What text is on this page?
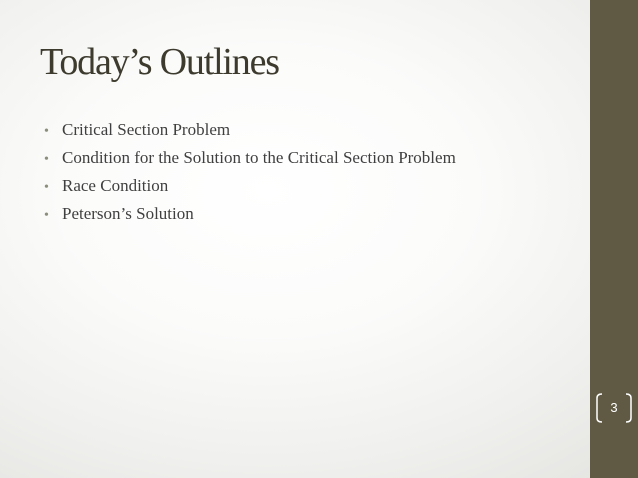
Today’s Outlines
• Critical Section Problem
• Condition for the Solution to the Critical Section Problem
• Race Condition
• Peterson’s Solution
3
